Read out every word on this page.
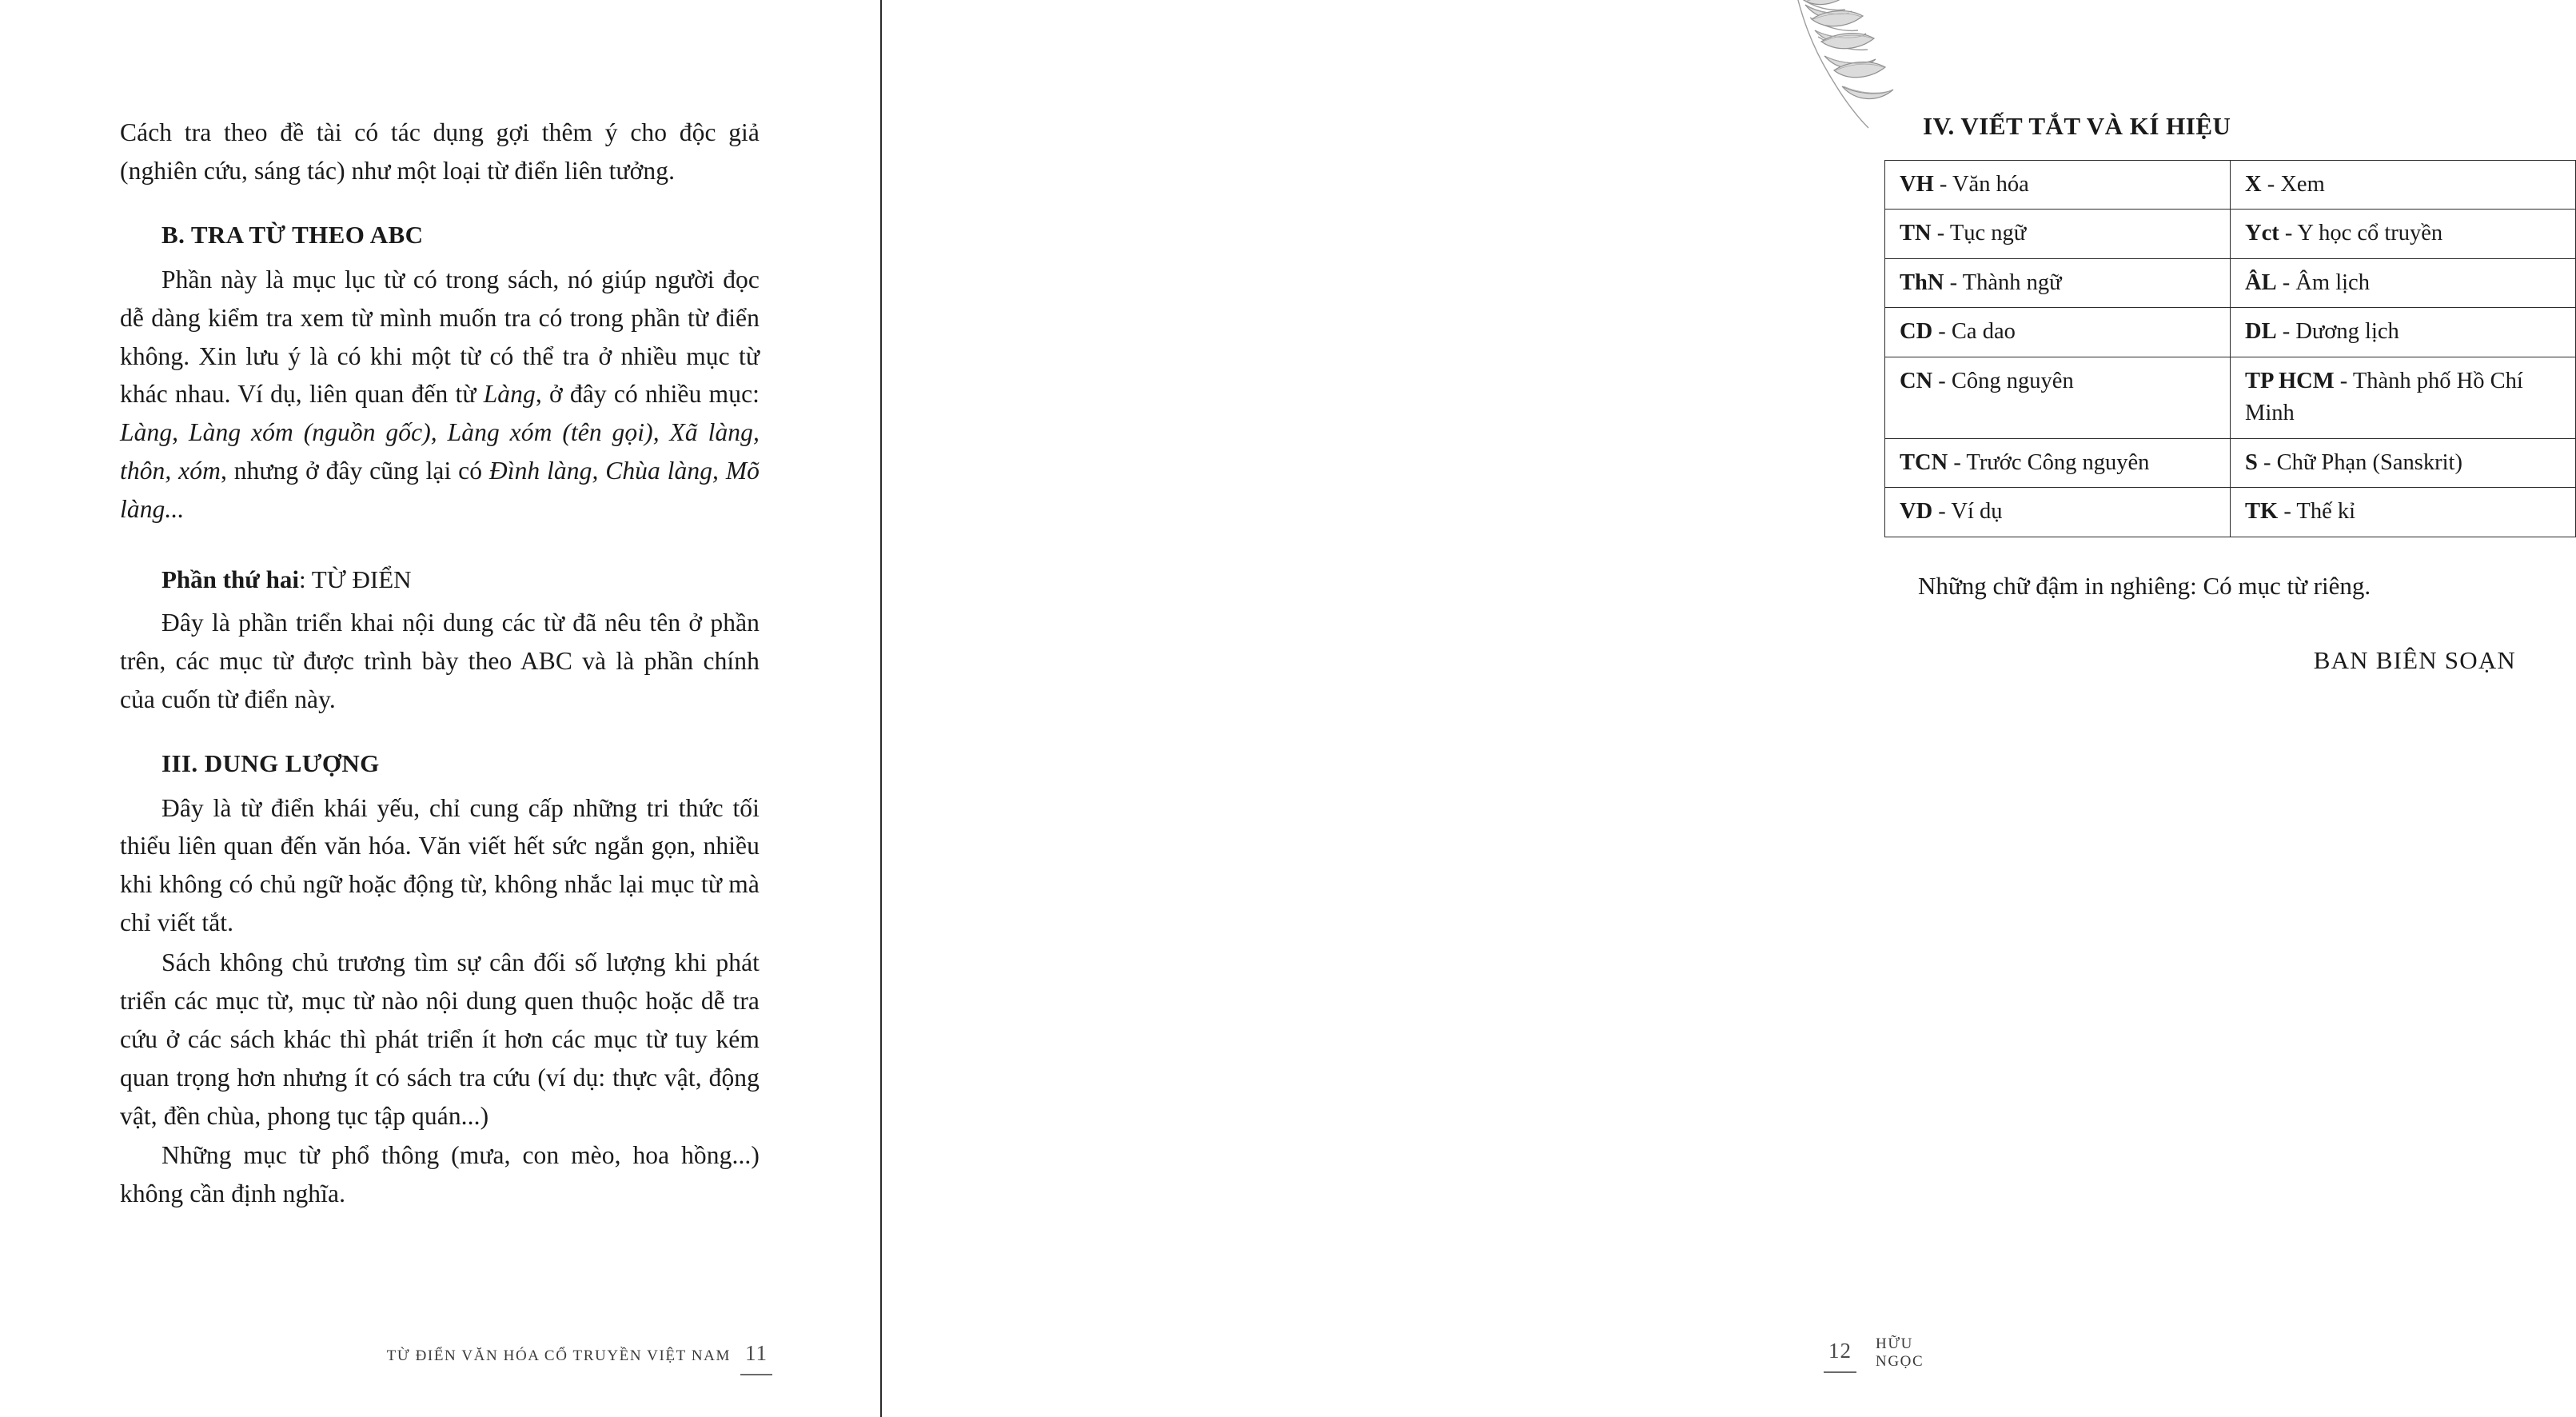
Cách tra theo đề tài có tác dụng gợi thêm ý cho độc giả (nghiên cứu, sáng tác) như một loại từ điển liên tưởng.

B. TRA TỪ THEO ABC

Phần này là mục lục từ có trong sách, nó giúp người đọc dễ dàng kiểm tra xem từ mình muốn tra có trong phần từ điển không. Xin lưu ý là có khi một từ có thể tra ở nhiều mục từ khác nhau. Ví dụ, liên quan đến từ Làng, ở đây có nhiều mục: Làng, Làng xóm (nguồn gốc), Làng xóm (tên gọi), Xã làng, thôn, xóm, nhưng ở đây cũng lại có Đình làng, Chùa làng, Mõ làng...

Phần thứ hai: TỪ ĐIỂN

Đây là phần triển khai nội dung các từ đã nêu tên ở phần trên, các mục từ được trình bày theo ABC và là phần chính của cuốn từ điển này.

III. DUNG LƯỢNG

Đây là từ điển khái yếu, chỉ cung cấp những tri thức tối thiểu liên quan đến văn hóa. Văn viết hết sức ngắn gọn, nhiều khi không có chủ ngữ hoặc động từ, không nhắc lại mục từ mà chỉ viết tắt.

Sách không chủ trương tìm sự cân đối số lượng khi phát triển các mục từ, mục từ nào nội dung quen thuộc hoặc dễ tra cứu ở các sách khác thì phát triển ít hơn các mục từ tuy kém quan trọng hơn nhưng ít có sách tra cứu (ví dụ: thực vật, động vật, đền chùa, phong tục tập quán...)

Những mục từ phổ thông (mưa, con mèo, hoa hồng...) không cần định nghĩa.

TỪ ĐIỂN VĂN HÓA CỔ TRUYỀN VIỆT NAM 11
IV. VIẾT TẮT VÀ KÍ HIỆU
VH - Văn hóa	X - Xem
TN - Tục ngữ	Yct - Y học cổ truyền
ThN - Thành ngữ	ÂL - Âm lịch
CD - Ca dao	DL - Dương lịch
CN - Công nguyên	TP HCM - Thành phố Hồ Chí Minh
TCN - Trước Công nguyên	S - Chữ Phạn (Sanskrit)
VD - Ví dụ	TK - Thế kỉ
Những chữ đậm in nghiêng: Có mục từ riêng.
BAN BIÊN SOẠN
12 HỮU NGỌC
